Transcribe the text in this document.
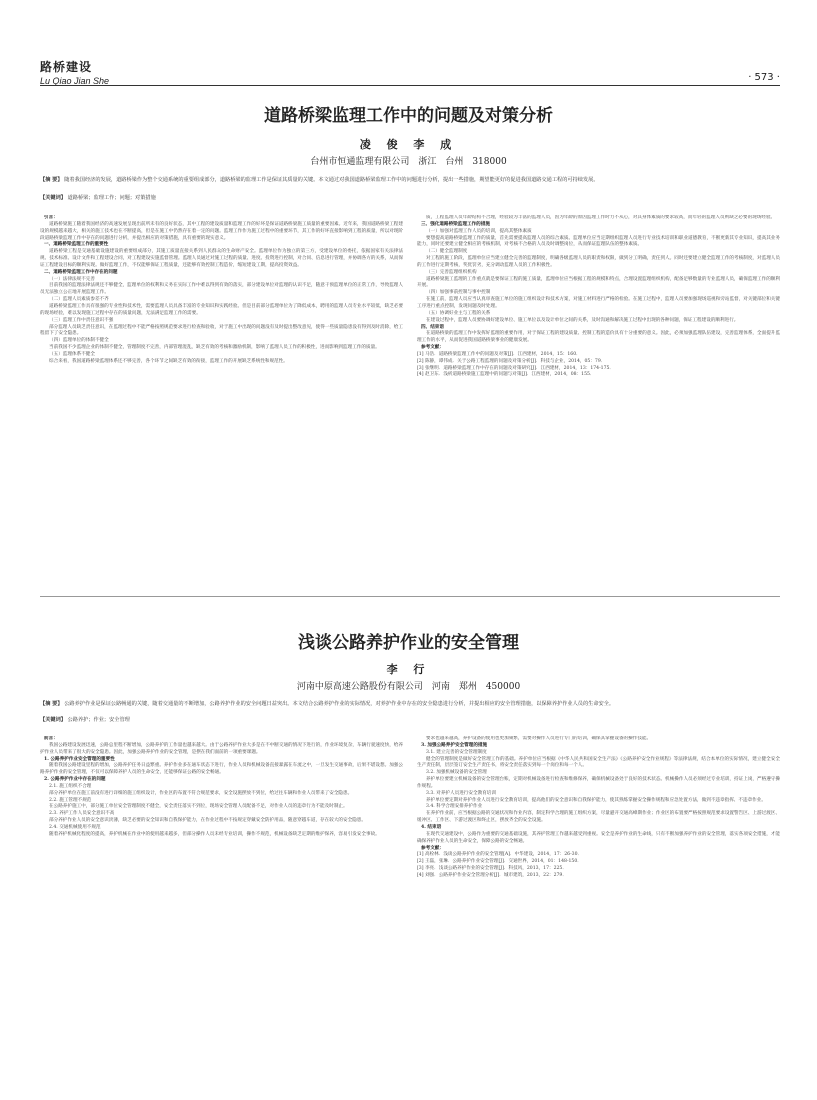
路桥建设
Lu Qiao Jian She	· 573 ·
道路桥梁监理工作中的问题及对策分析
凌 俊 李 成
台州市恒通监理有限公司　浙江　台州　318000
【摘 要】 随着我国经济的发展，道路桥梁作为整个交通系统的重要组成部分，道路桥梁的监理工作是保证其质量的关键。本文通过对我国道路桥梁监理工作中的问题进行分析，提出一些措施，期望能更好的促进我国道路交通工程的可持续发展。
【关键词】 道路桥梁；监理工作；问题；对策措施

引言：

道路桥梁施工随着我国经济的高速发展呈现出前所未有的良好状态，其中工程的建设质量和监理工作的好坏是保证道路桥梁施工质量的重要因素。近年来，我国道路桥梁工程建设的规模越来越大，相关的施工技术也在不断提高，但是在施工中仍然存在着一定的问题。监理工作作为施工过程中的重要环节，其工作的好坏直接影响到工程的质量，所以对现阶段道路桥梁监理工作中存在的问题进行分析，并提出相应的对策措施，具有重要的现实意义。

一、道路桥梁监理工作的重要性

道路桥梁工程是交通基础设施建设的重要组成部分，其施工质量直接关系到人民群众的生命财产安全。监理单位作为独立的第三方，受建设单位的委托，依据国家有关法律法规、技术标准、设计文件和工程建设合同，对工程建设实施监督管理。监理人员通过对施工过程的质量、进度、投资进行控制，对合同、信息进行管理，并协调各方的关系，从而保证工程建设目标的顺利实现。做好监理工作，不仅能够保证工程质量，还能够有效控制工程造价，缩短建设工期，提高投资效益。

二、道路桥梁监理工作中存在的问题

（一）法律法规不完善

目前我国的监理法律法规还不够健全，监理单位的权利和义务在实际工作中难以得到有效的落实，部分建设单位对监理的认识不足，随意干预监理单位的正常工作，导致监理人员无法独立公正地开展监理工作。

（二）监理人员素质参差不齐

道路桥梁监理工作具有很强的专业性和技术性，需要监理人员具备丰富的专业知识和实践经验。但是目前部分监理单位为了降低成本，聘用的监理人员专业水平较低，缺乏必要的现场经验，难以发现施工过程中存在的质量问题，无法满足监理工作的需要。

（三）监理工作中责任意识不强

部分监理人员缺乏责任意识，在监理过程中不能严格按照规范要求进行检查和验收，对于施工中出现的问题没有及时提出整改意见，使得一些质量隐患没有得到及时消除，给工程留下了安全隐患。

（四）监理单位的体制不健全

当前我国不少监理企业的体制不健全，管理制度不完善，内部管理混乱，缺乏有效的考核和激励机制，影响了监理人员工作的积极性，进而影响到监理工作的质量。

（五）监理体系不健全

综合来看，我国道路桥梁监理体系还不够完善，各个环节之间缺乏有效的衔接，监理工作的开展缺乏系统性和规范性。

质，工程监理人员年龄结构不合理，经验较为丰富的监理人员，因为年龄的原因监理工作时力不从心，对其身体素质的要求较高，而年轻的监理人员则缺乏必要的现场经验。

三、强化道路桥梁监理工作的措施

（一）加强对监理工作人员的培训，提高其整体素质

要想提高道路桥梁监理工作的质量，首先需要提高监理人员的综合素质。监理单位应当定期组织监理人员进行专业技术培训和职业道德教育，不断更新其专业知识，提高其业务能力，同时还要建立健全相应的考核机制，对考核不合格的人员及时调整岗位，从而保证监理队伍的整体素质。

（二）健全监理制度

对工程的施工阶段，监理单位应当建立健全完善的监理制度，明确各级监理人员的职责和权限，做到分工明确，责任到人。同时还要建立健全监理工作的考核制度，对监理人员的工作进行定期考核，奖优罚劣，充分调动监理人员的工作积极性。

（三）完善监理组织机构

道路桥梁施工监理的工作重点就是要保证工程的施工质量，监理单位应当根据工程的规模和特点，合理设置监理组织机构，配备足够数量的专业监理人员，确保监理工作的顺利开展。

（四）加强事前控制与事中控制

在施工前，监理人员应当认真审查施工单位的施工组织设计和技术方案，对施工材料进行严格的检验。在施工过程中，监理人员要加强现场巡视和旁站监督，对关键部位和关键工序进行重点控制，发现问题及时处理。

（五）协调好业主与工程的关系

在建设过程中，监理人员要协调好建设单位、施工单位以及设计单位之间的关系，及时沟通和解决施工过程中出现的各种问题，保证工程建设的顺利进行。

四、结束语

在道路桥梁的监理工作中发挥好监理的重要作用，对于保证工程的建设质量、控制工程的造价具有十分重要的意义。因此，必须加强监理队伍建设，完善监理体系，全面提升监理工作的水平，从而促进我国道路桥梁事业的健康发展。

参考文献：

[1] 马浩．道路桥梁监理工作中的问题及对策[J]．江西建材，2014，15：160．

[2] 陈静，谭伟成．关于公路工程监理的问题及对策分析[J]．科技与企业，2014，05：79．

[3] 张继明．道路桥梁监理工作中存在的问题及对策研究[J]．江西建材，2014，13：174-175．

[4] 赵卫东．浅析道路桥梁施工监理中的问题与对策[J]．江西建材，2014，08：155．

浅谈公路养护作业的安全管理
李 行
河南中原高速公路股份有限公司　河南　郑州　450000
【摘 要】 公路养护作业是保证公路畅通的关键，随着交通量的不断增加，公路养护作业的安全问题日益突出。本文结合公路养护作业的实际情况，对养护作业中存在的安全隐患进行分析，并提出相应的安全管理措施，以保障养护作业人员的生命安全。
【关键词】 公路养护；作业；安全管理

前言：

我国公路建设发展迅速，公路总里程不断增加，公路养护的工作量也越来越大。由于公路养护作业大多是在不中断交通的情况下进行的，作业环境复杂，车辆行驶速度快，给养护作业人员带来了很大的安全隐患。因此，加强公路养护作业的安全管理，是摆在我们面前的一项重要课题。

1. 公路养护作业安全管理的重要性

随着我国公路建设里程的增加，公路养护任务日益繁重。养护作业多在通车状态下进行，作业人员和机械设备直接暴露在车流之中，一旦发生交通事故，后果不堪设想。加强公路养护作业的安全管理，不仅可以保障养护人员的生命安全，还能够保证公路的安全畅通。

2. 公路养护作业中存在的问题

2.1. 施工组织不合理

部分养护单位在施工前没有进行详细的施工组织设计，作业区的布置不符合规范要求，安全设施摆放不到位，给过往车辆和作业人员带来了安全隐患。

2.2. 施工管理不规范

在公路养护施工中，部分施工单位安全管理制度不健全，安全责任落实不到位，现场安全管理人员配备不足，对作业人员的违章行为不能及时制止。

2.3. 养护工作人员安全意识不高

部分养护作业人员的安全意识淡薄，缺乏必要的安全知识和自我保护能力，在作业过程中不按规定穿戴安全防护用品，随意穿越车道，存在较大的安全隐患。

2.4. 交通机械使用不规范

随着养护机械化程度的提高，养护机械在作业中的使用越来越多，但部分操作人员未经专业培训，操作不规范，机械设备缺乏定期的维护保养，容易引发安全事故。

要求也越来越高，养护设备的使用也更加频繁，需要对操作人员进行专门的培训，确保其掌握设备的操作技能。

3. 加强公路养护安全管理的措施

3.1. 建立完善的安全管理制度

健全的管理制度是做好安全管理工作的基础。养护单位应当根据《中华人民共和国安全生产法》《公路养护安全作业规程》等法律法规，结合本单位的实际情况，建立健全安全生产责任制，层层签订安全生产责任书，将安全责任落实到每一个岗位和每一个人。

3.2. 加强机械设备的安全管理

养护单位要建立机械设备的安全管理台账，定期对机械设备进行检查和维修保养，确保机械设备处于良好的技术状态。机械操作人员必须经过专业培训，持证上岗，严格遵守操作规程。

3.3. 对养护人员进行安全教育培训

养护单位要定期对养护作业人员进行安全教育培训，提高他们的安全意识和自我保护能力，使其熟练掌握安全操作规程和应急处置方法，做到不违章指挥、不违章作业。

3.4. 科学合理安排养护作业

在养护作业前，应当根据公路的交通状况和作业内容，制定科学合理的施工组织方案，尽量避开交通高峰期作业；作业区的布置要严格按照规范要求设置警告区、上游过渡区、缓冲区、工作区、下游过渡区和终止区，摆放齐全的安全设施。

4. 结束语

在现代交通建设中，公路作为重要的交通基础设施，其养护管理工作越来越受到重视。安全是养护作业的生命线，只有不断加强养护作业的安全管理，落实各项安全措施，才能确保养护作业人员的生命安全，保障公路的安全畅通。

参考文献：

[1] 高栓林．浅谈公路养护作业的安全管理[A]．中华建设，2014，17：26-30．

[2] 王磊，张琳．公路养护作业安全管理[J]．交通世界，2014，01：148-150．

[3] 李亮．浅谈公路养护作业的安全管理[J]．科技风，2013，17：225．

[4] 刘强．公路养护作业安全管理分析[J]．城市建筑，2013，22：279．
